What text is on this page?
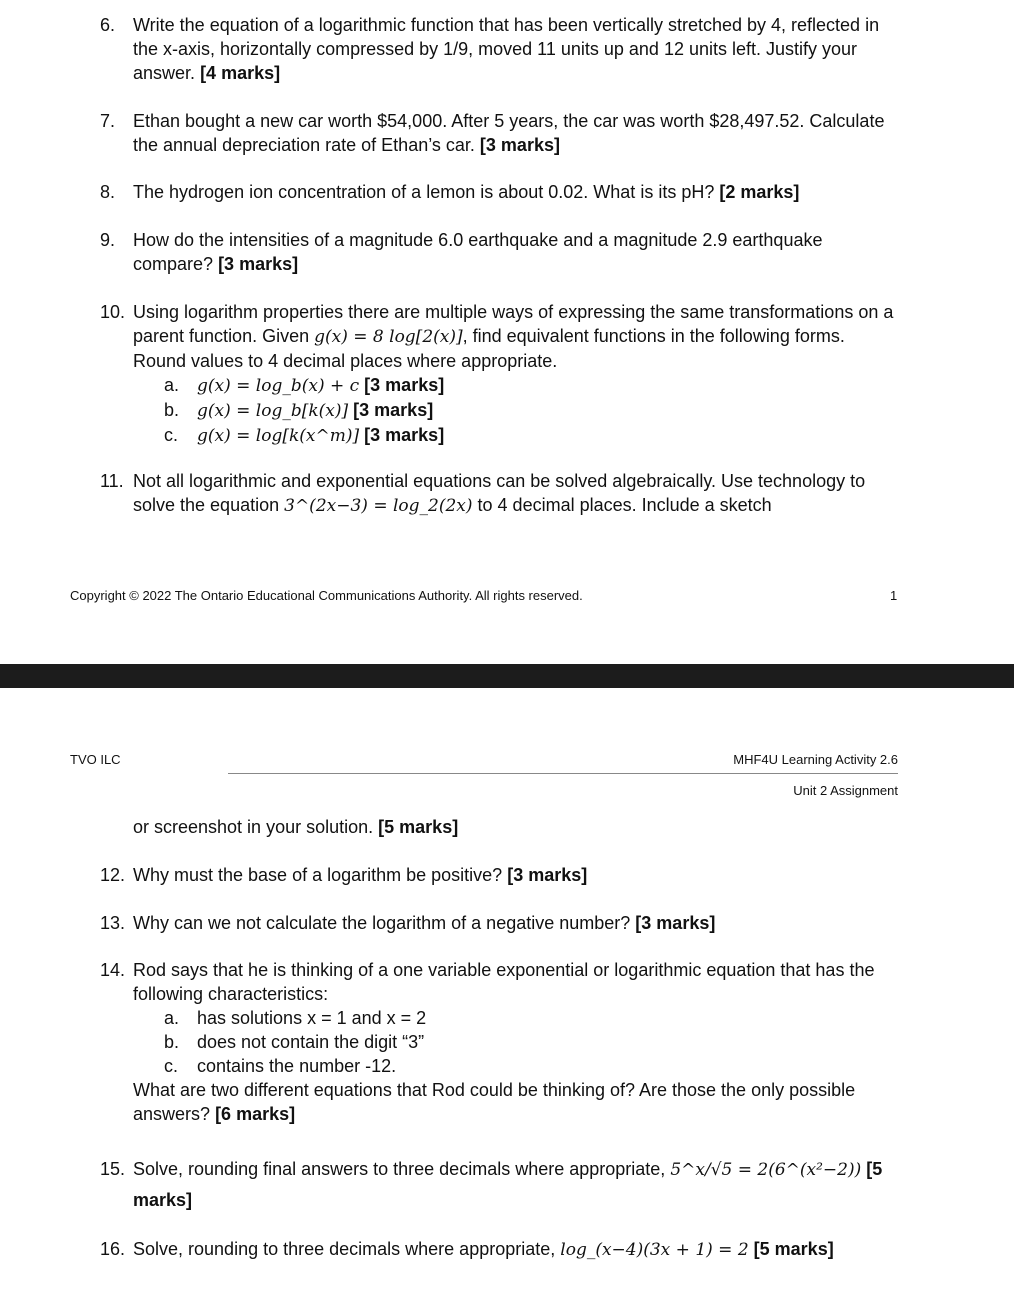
6. Write the equation of a logarithmic function that has been vertically stretched by 4, reflected in the x-axis, horizontally compressed by 1/9, moved 11 units up and 12 units left. Justify your answer. [4 marks]
7. Ethan bought a new car worth $54,000. After 5 years, the car was worth $28,497.52. Calculate the annual depreciation rate of Ethan’s car. [3 marks]
8. The hydrogen ion concentration of a lemon is about 0.02. What is its pH? [2 marks]
9. How do the intensities of a magnitude 6.0 earthquake and a magnitude 2.9 earthquake compare? [3 marks]
10. Using logarithm properties there are multiple ways of expressing the same transformations on a parent function. Given g(x) = 8 log[2(x)], find equivalent functions in the following forms. Round values to 4 decimal places where appropriate.
a. g(x) = log_b(x) + c [3 marks]
b. g(x) = log_b[k(x)] [3 marks]
c. g(x) = log[k(x^m)] [3 marks]
11. Not all logarithmic and exponential equations can be solved algebraically. Use technology to solve the equation 3^(2x−3) = log_2(2x) to 4 decimal places. Include a sketch
Copyright © 2022 The Ontario Educational Communications Authority. All rights reserved.	1
TVO ILC	MHF4U Learning Activity 2.6
Unit 2 Assignment
or screenshot in your solution. [5 marks]
12. Why must the base of a logarithm be positive? [3 marks]
13. Why can we not calculate the logarithm of a negative number? [3 marks]
14. Rod says that he is thinking of a one variable exponential or logarithmic equation that has the following characteristics:
a. has solutions x = 1 and x = 2
b. does not contain the digit “3”
c. contains the number -12.
What are two different equations that Rod could be thinking of? Are those the only possible answers? [6 marks]
15. Solve, rounding final answers to three decimals where appropriate, 5^x/√5 = 2(6^(x²−2)) [5
marks]
16. Solve, rounding to three decimals where appropriate, log_(x−4)(3x + 1) = 2 [5 marks]
